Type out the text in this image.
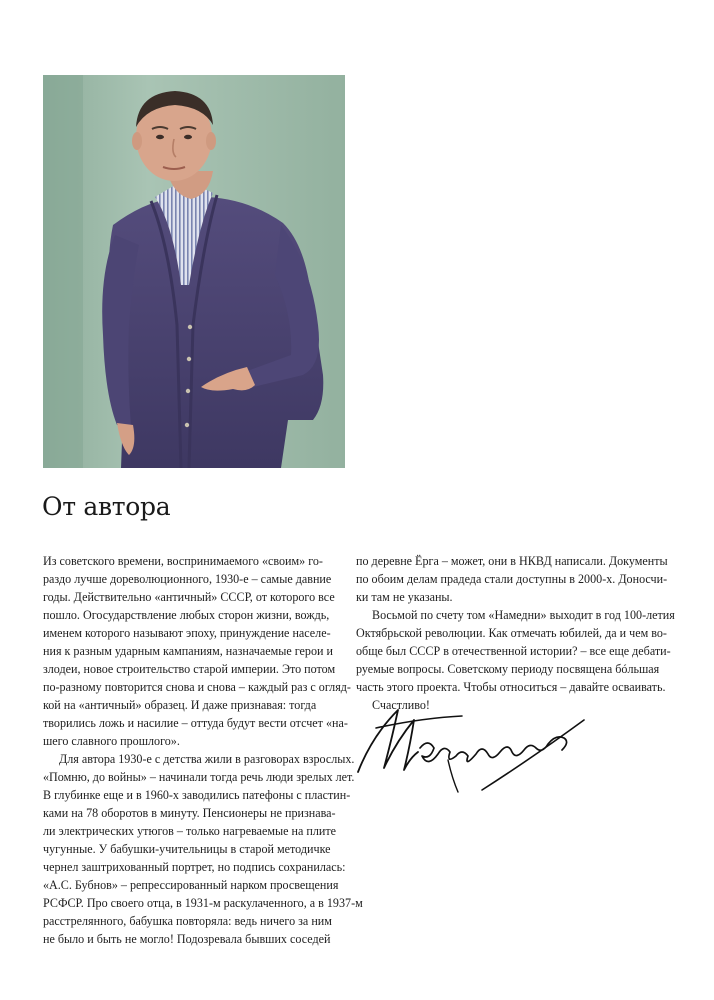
От автора
Из советского времени, воспринимаемого «своим» го-
раздо лучше дореволюционного, 1930-е – самые давние
годы. Действительно «античный» СССР, от которого все
пошло. Огосударствление любых сторон жизни, вождь,
именем которого называют эпоху, принуждение населе-
ния к разным ударным кампаниям, назначаемые герои и
злодеи, новое строительство старой империи. Это потом
по-разному повторится снова и снова – каждый раз с огляд-
кой на «античный» образец. И даже признавая: тогда
творились ложь и насилие – оттуда будут вести отсчет «на-
шего славного прошлого».
Для автора 1930-е с детства жили в разговорах взрослых.
«Помню, до войны» – начинали тогда речь люди зрелых лет.
В глубинке еще и в 1960-х заводились патефоны с пластин-
ками на 78 оборотов в минуту. Пенсионеры не признава-
ли электрических утюгов – только нагреваемые на плите
чугунные. У бабушки-учительницы в старой методичке
чернел заштрихованный портрет, но подпись сохранилась:
«А.С. Бубнов» – репрессированный нарком просвещения
РСФСР. Про своего отца, в 1931-м раскулаченного, а в 1937-м
расстрелянного, бабушка повторяла: ведь ничего за ним
не было и быть не могло! Подозревала бывших соседей
по деревне Ёрга – может, они в НКВД написали. Документы
по обоим делам прадеда стали доступны в 2000-х. Доносчи-
ки там не указаны.
Восьмой по счету том «Намедни» выходит в год 100-летия
Октябрьской революции. Как отмечать юбилей, да и чем во-
обще был СССР в отечественной истории? – все еще дебати-
руемые вопросы. Советскому периоду посвящена бóльшая
часть этого проекта. Чтобы относиться – давайте осваивать.
Счастливо!
